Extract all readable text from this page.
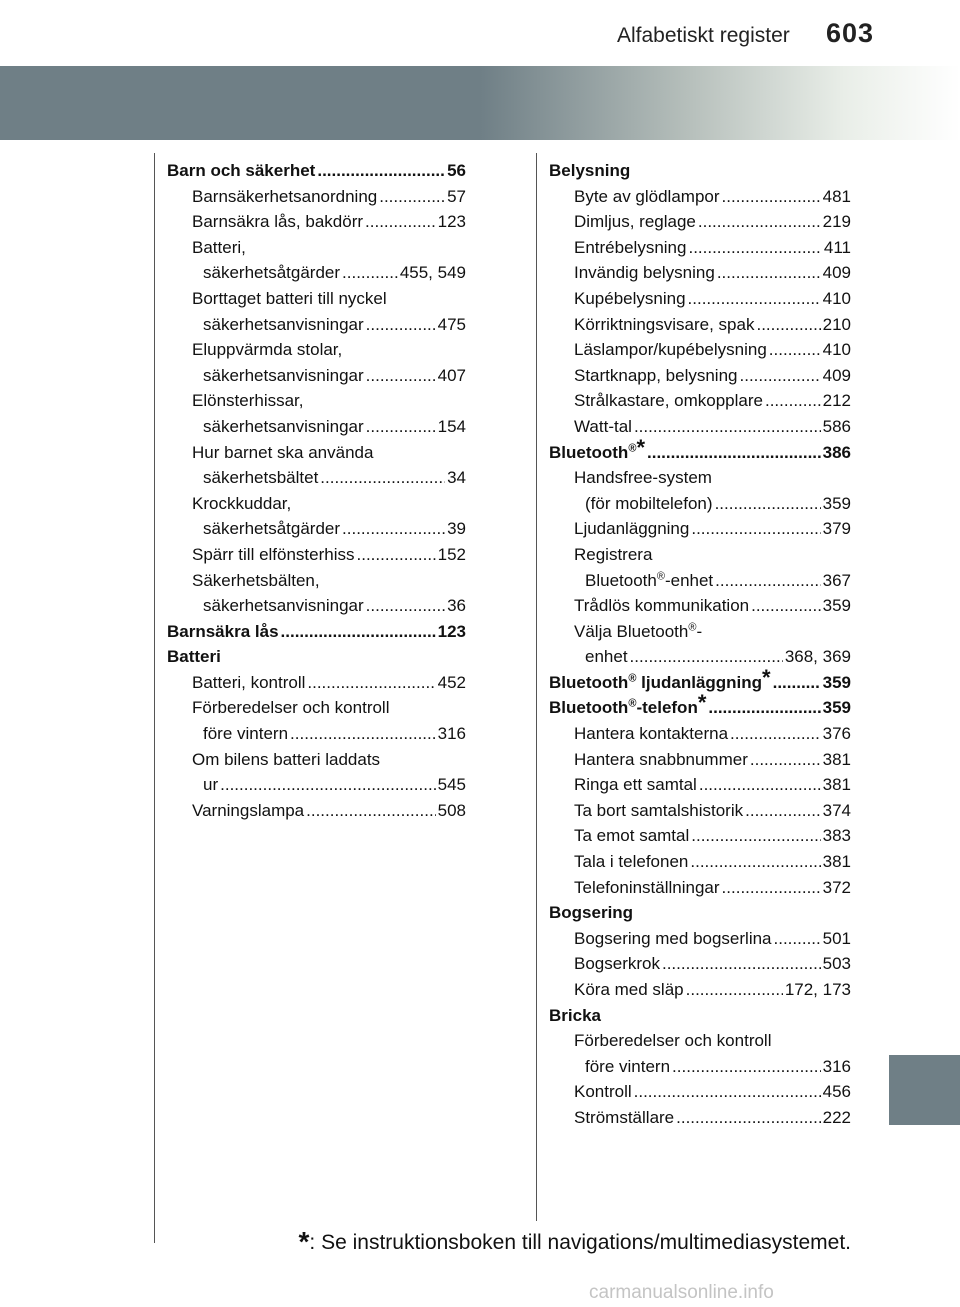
603
Alfabetiskt register
Barn och säkerhet .....	56
Barnsäkerhetsanordning .....	57
Barnsäkra lås, bakdörr .....	123
Batteri,
säkerhetsåtgärder .....	455, 549
Borttaget batteri till nyckel
säkerhetsanvisningar .....	475
Eluppvärmda stolar,
säkerhetsanvisningar .....	407
Elönsterhissar,
säkerhetsanvisningar .....	154
Hur barnet ska använda
säkerhetsbältet .....	34
Krockkuddar,
säkerhetsåtgärder .....	39
Spärr till elfönsterhiss .....	152
Säkerhetsbälten,
säkerhetsanvisningar .....	36
Barnsäkra lås .....	123
Batteri
Batteri, kontroll .....	452
Förberedelser och kontroll
före vintern .....	316
Om bilens batteri laddats
ur .....	545
Varningslampa .....	508
Belysning
Byte av glödlampor .....	481
Dimljus, reglage .....	219
Entrébelysning .....	411
Invändig belysning .....	409
Kupébelysning .....	410
Körriktningsvisare, spak .....	210
Läslampor/kupébelysning .....	410
Startknapp, belysning .....	409
Strålkastare, omkopplare .....	212
Watt-tal .....	586
Bluetooth®* .....	386
Handsfree-system
(för mobiltelefon) .....	359
Ljudanläggning .....	379
Registrera
Bluetooth®-enhet .....	367
Trådlös kommunikation .....	359
Välja Bluetooth®-
enhet .....	368, 369
Bluetooth® ljudanläggning* .....	359
Bluetooth®-telefon* .....	359
Hantera kontakterna .....	376
Hantera snabbnummer .....	381
Ringa ett samtal .....	381
Ta bort samtalshistorik .....	374
Ta emot samtal .....	383
Tala i telefonen .....	381
Telefoninställningar .....	372
Bogsering
Bogsering med bogserlina .....	501
Bogserkrok .....	503
Köra med släp .....	172, 173
Bricka
Förberedelser och kontroll
före vintern .....	316
Kontroll .....	456
Strömställare .....	222
*: Se instruktionsboken till navigations/multimediasystemet.
carmanualsonline.info
